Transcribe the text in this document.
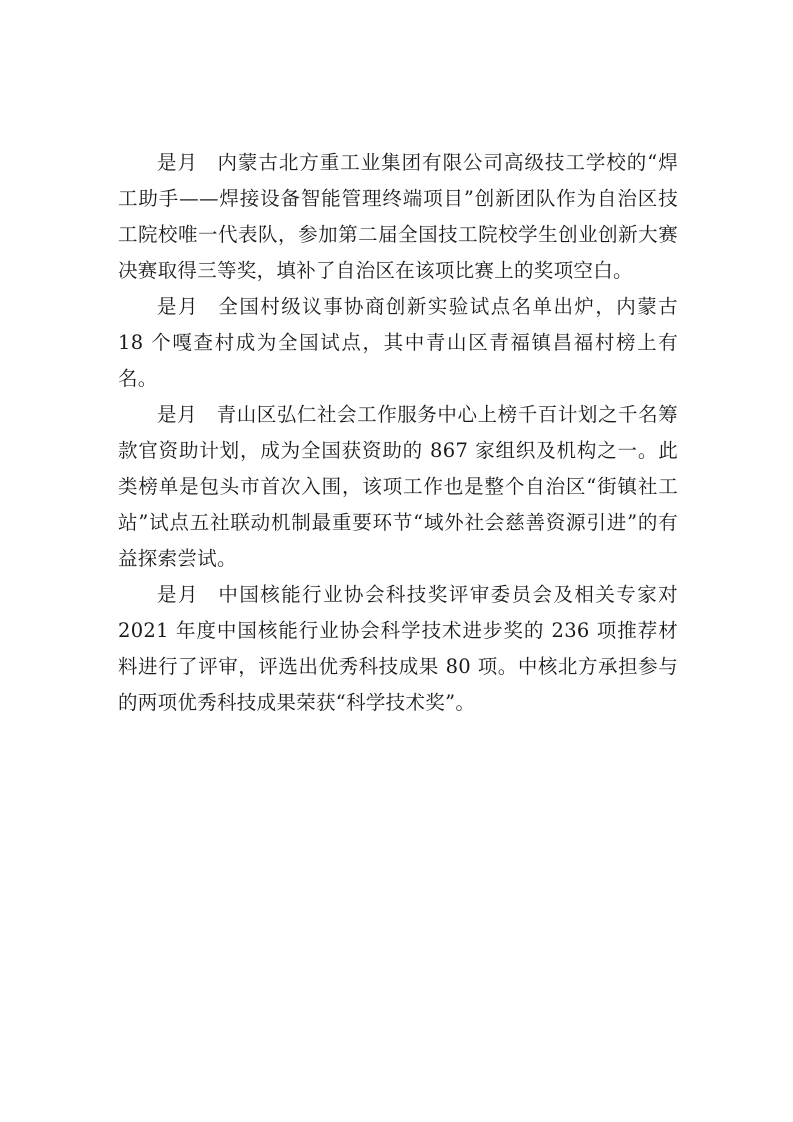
是月 内蒙古北方重工业集团有限公司高级技工学校的“焊工助手——焊接设备智能管理终端项目”创新团队作为自治区技工院校唯一代表队，参加第二届全国技工院校学生创业创新大赛决赛取得三等奖，填补了自治区在该项比赛上的奖项空白。

是月 全国村级议事协商创新实验试点名单出炉，内蒙古 18 个嘎查村成为全国试点，其中青山区青福镇昌福村榜上有名。

是月 青山区弘仁社会工作服务中心上榜千百计划之千名筹款官资助计划，成为全国获资助的 867 家组织及机构之一。此类榜单是包头市首次入围，该项工作也是整个自治区“街镇社工站”试点五社联动机制最重要环节“域外社会慈善资源引进”的有益探索尝试。

是月 中国核能行业协会科技奖评审委员会及相关专家对 2021 年度中国核能行业协会科学技术进步奖的 236 项推荐材料进行了评审，评选出优秀科技成果 80 项。中核北方承担参与的两项优秀科技成果荣获“科学技术奖”。
